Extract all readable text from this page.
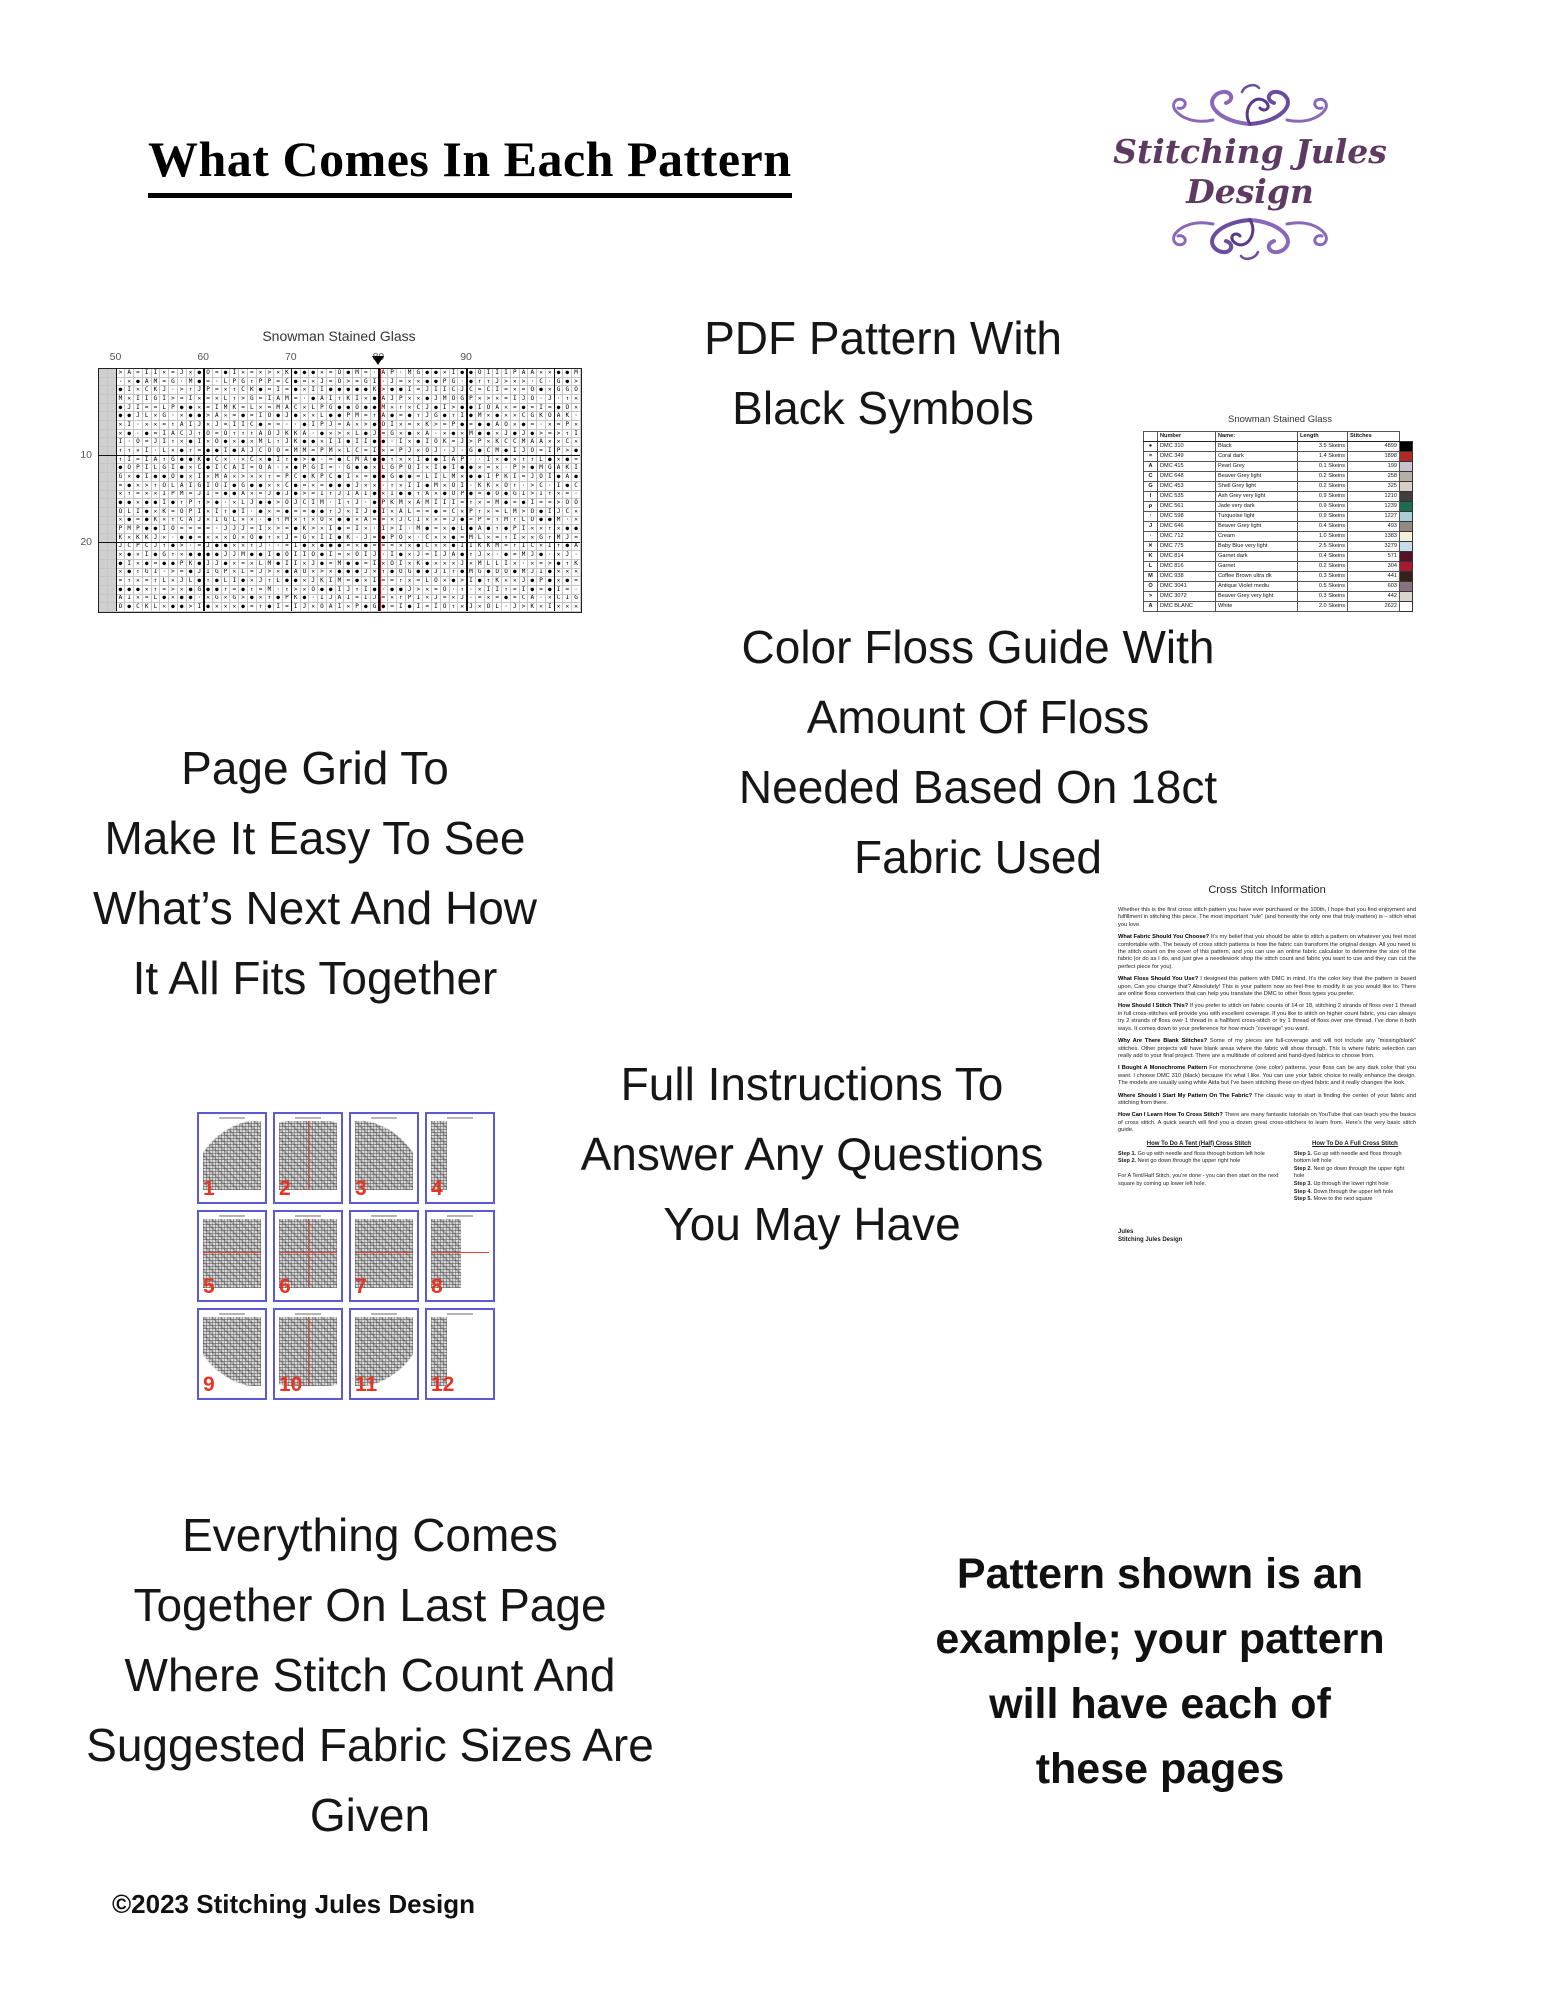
What Comes In Each Pattern	Stitching Jules Design
Snowman Stained Glass
50	60	70	80	90
10
20
> A = I I ✕ = J ✕ ● O = ● I ✕ = ✕ > ✕ K ● ● ● ✕ = O ● M = · A P · M G ● ● ✕ I ● ● O I I I P A A ✕ ✕ ● ● M
· ✕ ● A M = G · M ● = · L P G ↑ P P = C ● = ✕ J = O > = G I · J = ✕ ✕ ● ● P G · ● ↑ ↑ J > ✕ > · C · G ● >
● I ✕ C K J · > ↑ J P = ✕ ↑ C K ● = I = ● ✕ I I ● ● ● ● ● K > ● ● I = J I I C J C = C I = ✕ = O ● ✕ G G O
M ✕ I I G I > = I ✕ = ✕ L ↑ > G = I A M = · ● A I ↑ K I ✕ ● A J P ✕ ✕ ● J M O G P ✕ > ✕ = I J O · J · ↑ ✕
● J I = = L P ● ● ✕ = I M K = L ✕ = M A C ✕ L P G ● ● O ● ● M ✕ ↑ ✕ C J ● I > ● ● I O A ✕ = ● = I = ● O ✕
● ● J L ✕ G · ✕ ● ● > A ✕ = ● = I O ● J ● ✕ ✕ L ● ● P M = ↑ A ● = ● ↑ J G ● ↑ I ● M ✕ ● ✕ ✕ C G K O A K ·
✕ I · ✕ ✕ = ↑ A I J ✕ J = I I C ● = = · · ● I P J = A ✕ > ● O I ✕ = ✕ K > = P ● = ● ● A O ✕ ● = · ✕ = P ✕
✕ ● · ● = I A C J ↑ O = O ↑ ↑ ↑ A O J K K A · ● ✕ > ✕ L ● J = G ✕ ● ✕ A · ✕ ● ✕ M ● ● ✕ J ● J ● > = > ↑ I
I · O = J I ↑ ✕ ● I ✕ O ● ✕ ● ✕ M L ↑ J K ● ● ✕ I I ● I I ● ● · I ✕ ● I O K = J > P ✕ K C C M A A ✕ ✕ C ✕
↑ ↑ ✕ I · L ✕ ● ↑ = ● ● I ● A J C O O = M M = P M ✕ L C = I ✕ = P J ✕ O J · J · G ● C M ● I J O = I P > ●
↑ I = I A ↑ G ● ● K ● C ✕ · ✕ C ✕ ● I ↑ ● > ● · = ● C M A ● ● ↑ ✕ ✕ I ● ● I A P · · I ✕ ● ✕ ↑ ↑ L ● ✕ ● =
● O P I L G I ● ✕ C ● I C A I = O A · ✕ ● P G I = · G ● ● ✕ L G P O I ✕ I ● I ● ● ✕ = ✕ · P > ● M G A K I
G ✕ ● I ● ● O ● ✕ I ✕ M A ✕ > ✕ ✕ ↑ = P C ● K P C ● I ✕ = ● ● G ● ● = L I L M ✕ ● ● I P K I = J O I ● A ●
= ● ✕ > ↑ O L A I G I O I ● G ● ● ✕ ✕ C ● = ✕ = ● ● ● J ✕ ✕ · ↑ ✕ I I ● M ✕ O I · K K ✕ O ↑ · > C · I ● C
✕ ↑ = ✕ ✕ I P M = J I = ● ● A ✕ = J ● J ● > = I ↑ J I A I ● ✕ I ● ● ↑ A ✕ ● O P ● = ● O ● G I > I ↑ ✕ = ·
● ● ✕ ● ● I ● ↑ P ↑ > ● · ✕ L J ● ● > O J C I M · I ↑ J · ● P K M ✕ A M I I I = ↑ ✕ = M ● = ● I = = > O O
O L I ● ✕ K = O P I ✕ I ↑ ● I · ● ✕ = ● = = ● ● ↑ J ✕ I J ● I ✕ A L = = ● = C ✕ P ↑ ✕ = L M > O ● I J C ✕
✕ ● = ● K ✕ ↑ C A J ✕ I G L ✕ ✕ · ● ↑ M ✕ ↑ ✕ O ✕ ● ● ✕ A = = ✕ J C I ✕ ✕ = J ● = P = ↑ M ↑ L O ● ● M · ✕
P M P ● ● I O = = = = · J J J = I ✕ > = ● K > ✕ I ● = I ✕ · I > I · M ● = ✕ ● L ● A ● ↑ ● P I ✕ ✕ ↑ ✕ ● ●
K ✕ K K J ✕ · ● ● = ✕ ✕ ✕ O ✕ O ● ↑ ✕ J = G ✕ I I ● K · J = ● P O ✕ · C ✕ ✕ ● = M L ✕ = ↑ I ✕ ✕ G ↑ M J =
J C P C J ↑ ● > · = J ● ● ✕ ✕ ↑ J · · = I ● ✕ ● ● ● = ✕ ● = = = ✕ ✕ ● C ✕ ✕ ● I I K K M = ↑ I C ✕ I ↑ ● A
✕ ● ✕ I ● G ↑ ✕ ● ● ● ● J J M ● ● I ● O I I O ● I = ✕ O I J · I ● ✕ J = I J A ● ↑ J ✕ · ● = M J ● · ✕ J ·
● I ✕ ● = ● ● P K ● J J ● ✕ = ✕ L M ● I I ✕ J ● = M ● ● = I ✕ O I ✕ K ● ✕ ✕ ✕ J ✕ M L L I ✕ · ✕ = > ● ↑ K
✕ ● ↑ G I · > = ● J I G P ✕ L = J > ✕ ● A O ✕ > ✕ ● ● ● J ✕ ↑ ● O G ● ● J I ↑ ● M G ● O O ● M J I ● ✕ ✕ ✕
= ↑ ✕ = ↑ L ✕ J L ● ↑ ● L I ● ✕ J ↑ L ● ● ✕ J K I M = ● ✕ I = = ↑ ✕ = L O ✕ ● > I ● ↑ K ✕ ✕ J ● P ● ✕ ● =
● ● ● ✕ ↑ = > ✕ ● G ● ● ↑ = ● ↑ = M · ↑ > ✕ O ● ● I J ↑ I ● · ● ● J > ✕ = O · ↑ · ✕ I I ↑ = I ● = ● I = ·
A I ✕ = L ● ✕ ● ● · ✕ G ✕ G > ● ✕ ↑ ● P K ● · I J A I = I J = ✕ ↑ P I ✕ J = ✕ J · = ✕ = ● = C A · ✕ C I G
O ● C K L ✕ ● ● > I ● ✕ ✕ ✕ ● = ↑ ● I = I J ✕ O A I ✕ P ● G ● = I ● I = I O ↑ ✕ J ✕ O L · J > K ✕ I ✕ ✕ ✕
PDF Pattern With
Black Symbols
Color Floss Guide With
Amount Of Floss
Needed Based On 18ct
Fabric Used
Page Grid To
Make It Easy To See
What’s Next And How
It All Fits Together
Full Instructions To
Answer Any Questions
You May Have
Everything Comes
Together On Last Page
Where Stitch Count And
Suggested Fabric Sizes Are
Given
Pattern shown is an
example; your pattern
will have each of
these pages
Snowman Stained Glass
	Number	Name:	Length	Stitches	
●	DMC 310	Black	3.5 Skeins	4899	
=	DMC 349	Coral dark	1.4 Skeins	1898	
A	DMC 415	Pearl Grey	0.1 Skeins	199	
C	DMC 648	Beaver Grey light	0.2 Skeins	258	
G	DMC 453	Shell Grey light	0.2 Skeins	325	
I	DMC 535	Ash Grey very light	0.9 Skeins	1210	
ρ	DMC 561	Jade very dark	0.9 Skeins	1239	
↑	DMC 598	Turquoise light	0.9 Skeins	1227	
J	DMC 646	Beaver Grey light	0.4 Skeins	493	
·	DMC 712	Cream	1.0 Skeins	1383	
✕	DMC 775	Baby Blue very light	2.5 Skeins	3279	
K	DMC 814	Garnet dark	0.4 Skeins	571	
L	DMC 816	Garnet	0.2 Skeins	304	
M	DMC 938	Coffee Brown ultra dk	0.3 Skeins	441	
O	DMC 3041	Antique Violet mediu	0.5 Skeins	603	
>	DMC 3072	Beaver Grey very light	0.3 Skeins	442	
A	DMC BLANC	White	2.0 Skeins	2622	
Cross Stitch Information

Whether this is the first cross stitch pattern you have ever purchased or the 100th, I hope that you find enjoyment and fulfillment in stitching this piece. The most important “rule” (and honestly the only one that truly matters) is – stitch what you love.

What Fabric Should You Choose? It’s my belief that you should be able to stitch a pattern on whatever you feel most comfortable with. The beauty of cross stitch patterns is how the fabric can transform the original design. All you need is the stitch count on the cover of this pattern, and you can use an online fabric calculator to determine the size of the fabric (or do as I do, and just give a needlework shop the stitch count and fabric you want to use and they can cut the perfect piece for you).

What Floss Should You Use? I designed this pattern with DMC in mind. It’s the color key that the pattern is based upon. Can you change that? Absolutely! This is your pattern now so feel free to modify it as you would like to. There are online floss converters that can help you translate the DMC to other floss types you prefer.

How Should I Stitch This? If you prefer to stitch on fabric counts of 14 or 18, stitching 2 strands of floss over 1 thread in full cross-stitches will provide you with excellent coverage. If you like to stitch on higher count fabric, you can always try 2 strands of floss over 1 thread in a half/tent cross-stitch or try 1 thread of floss over one thread. I’ve done it both ways. It comes down to your preference for how much “coverage” you want.

Why Are There Blank Stitches? Some of my pieces are full-coverage and will not include any “missing/blank” stitches. Other projects will have blank areas where the fabric will show through. This is where fabric selection can really add to your final project. There are a multitude of colored and hand-dyed fabrics to choose from.

I Bought A Monochrome Pattern For monochrome (one color) patterns, your floss can be any dark color that you want. I choose DMC 310 (black) because it’s what I like. You can use your fabric choice to really enhance the design. The models are usually using white Aida but I’ve been stitching these on dyed fabric and it really changes the look.

Where Should I Start My Pattern On The Fabric? The classic way to start is finding the center of your fabric and stitching from there.

How Can I Learn How To Cross Stitch? There are many fantastic tutorials on YouTube that can teach you the basics of cross stitch. A quick search will find you a dozen great cross-stitchers to learn from. Here’s the very basic stitch guide.

How To Do A Tent (Half) Cross Stitch

Step 1. Go up with needle and floss through bottom left hole

Step 2. Next go down through the upper right hole

For A Tent/Half Stitch, you’re done - you can then start on the next square by coming up lower left hole.

How To Do A Full Cross Stitch

Step 1. Go up with needle and floss through bottom left hole

Step 2. Next go down through the upper right hole

Step 3. Up through the lower right hole

Step 4. Down through the upper left hole

Step 5. Move to the next square

Jules
Stitching Jules Design
1	2	3	4
5	6	7	8
9	10	11	12
©2023 Stitching Jules Design
